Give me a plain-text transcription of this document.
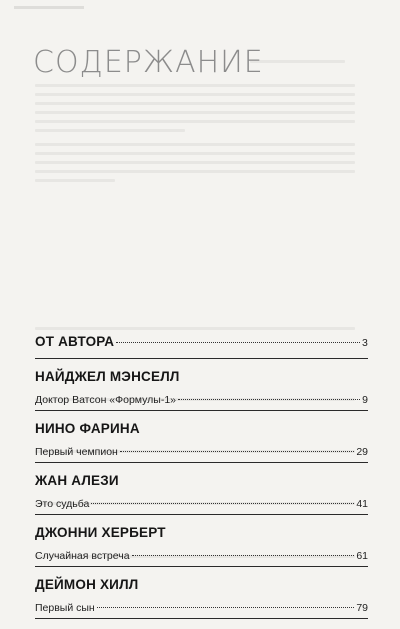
СОДЕРЖАНИЕ
ОТ АВТОРА	3
НАЙДЖЕЛ МЭНСЕЛЛ
Доктор Ватсон «Формулы-1»	9
НИНО ФАРИНА
Первый чемпион	29
ЖАН АЛЕЗИ
Это судьба	41
ДЖОННИ ХЕРБЕРТ
Случайная встреча	61
ДЕЙМОН ХИЛЛ
Первый сын	79
